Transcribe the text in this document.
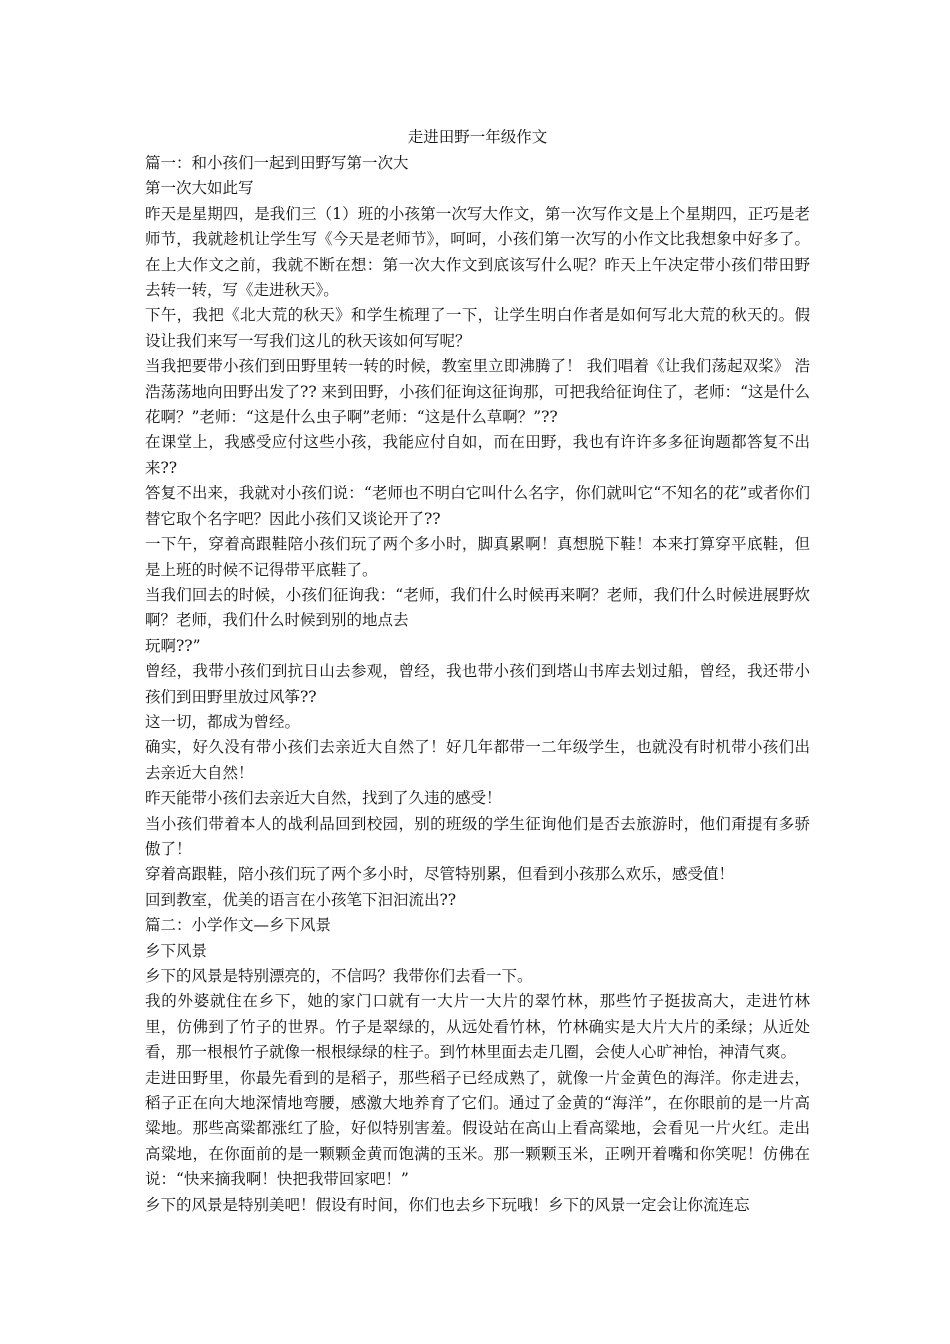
走进田野一年级作文

篇一：和小孩们一起到田野写第一次大

第一次大如此写

昨天是星期四，是我们三（1）班的小孩第一次写大作文，第一次写作文是上个星期四，正巧是老师节，我就趁机让学生写《今天是老师节》，呵呵，小孩们第一次写的小作文比我想象中好多了。在上大作文之前，我就不断在想：第一次大作文到底该写什么呢？昨天上午决定带小孩们带田野去转一转，写《走进秋天》。

下午，我把《北大荒的秋天》和学生梳理了一下，让学生明白作者是如何写北大荒的秋天的。假设让我们来写一写我们这儿的秋天该如何写呢？

当我把要带小孩们到田野里转一转的时候，教室里立即沸腾了！ 我们唱着《让我们荡起双桨》 浩浩荡荡地向田野出发了?? 来到田野，小孩们征询这征询那，可把我给征询住了，老师：“这是什么花啊？”老师：“这是什么虫子啊”老师：“这是什么草啊？”??

在课堂上，我感受应付这些小孩，我能应付自如，而在田野，我也有许许多多征询题都答复不出来??

答复不出来，我就对小孩们说：“老师也不明白它叫什么名字，你们就叫它“不知名的花”或者你们替它取个名字吧？因此小孩们又谈论开了??

一下午，穿着高跟鞋陪小孩们玩了两个多小时，脚真累啊！真想脱下鞋！本来打算穿平底鞋，但是上班的时候不记得带平底鞋了。

当我们回去的时候，小孩们征询我：“老师，我们什么时候再来啊？老师，我们什么时候进展野炊啊？老师，我们什么时候到别的地点去

玩啊??”

曾经，我带小孩们到抗日山去参观，曾经，我也带小孩们到塔山书库去划过船，曾经，我还带小孩们到田野里放过风筝??

这一切，都成为曾经。

确实，好久没有带小孩们去亲近大自然了！好几年都带一二年级学生，也就没有时机带小孩们出去亲近大自然！

昨天能带小孩们去亲近大自然，找到了久违的感受！

当小孩们带着本人的战利品回到校园，别的班级的学生征询他们是否去旅游时，他们甭提有多骄傲了！

穿着高跟鞋，陪小孩们玩了两个多小时，尽管特别累，但看到小孩那么欢乐，感受值！

回到教室，优美的语言在小孩笔下汩汩流出??

篇二：小学作文—乡下风景

乡下风景

乡下的风景是特别漂亮的，不信吗？我带你们去看一下。

我的外婆就住在乡下，她的家门口就有一大片一大片的翠竹林，那些竹子挺拔高大，走进竹林里，仿佛到了竹子的世界。竹子是翠绿的，从远处看竹林，竹林确实是大片大片的柔绿；从近处看，那一根根竹子就像一根根绿绿的柱子。到竹林里面去走几圈，会使人心旷神怡，神清气爽。

走进田野里，你最先看到的是稻子，那些稻子已经成熟了，就像一片金黄色的海洋。你走进去，稻子正在向大地深情地弯腰，感激大地养育了它们。通过了金黄的“海洋”，在你眼前的是一片高粱地。那些高粱都涨红了脸，好似特别害羞。假设站在高山上看高粱地，会看见一片火红。走出高粱地，在你面前的是一颗颗金黄而饱满的玉米。那一颗颗玉米，正咧开着嘴和你笑呢！仿佛在说：“快来摘我啊！快把我带回家吧！”

乡下的风景是特别美吧！假设有时间，你们也去乡下玩哦！乡下的风景一定会让你流连忘
